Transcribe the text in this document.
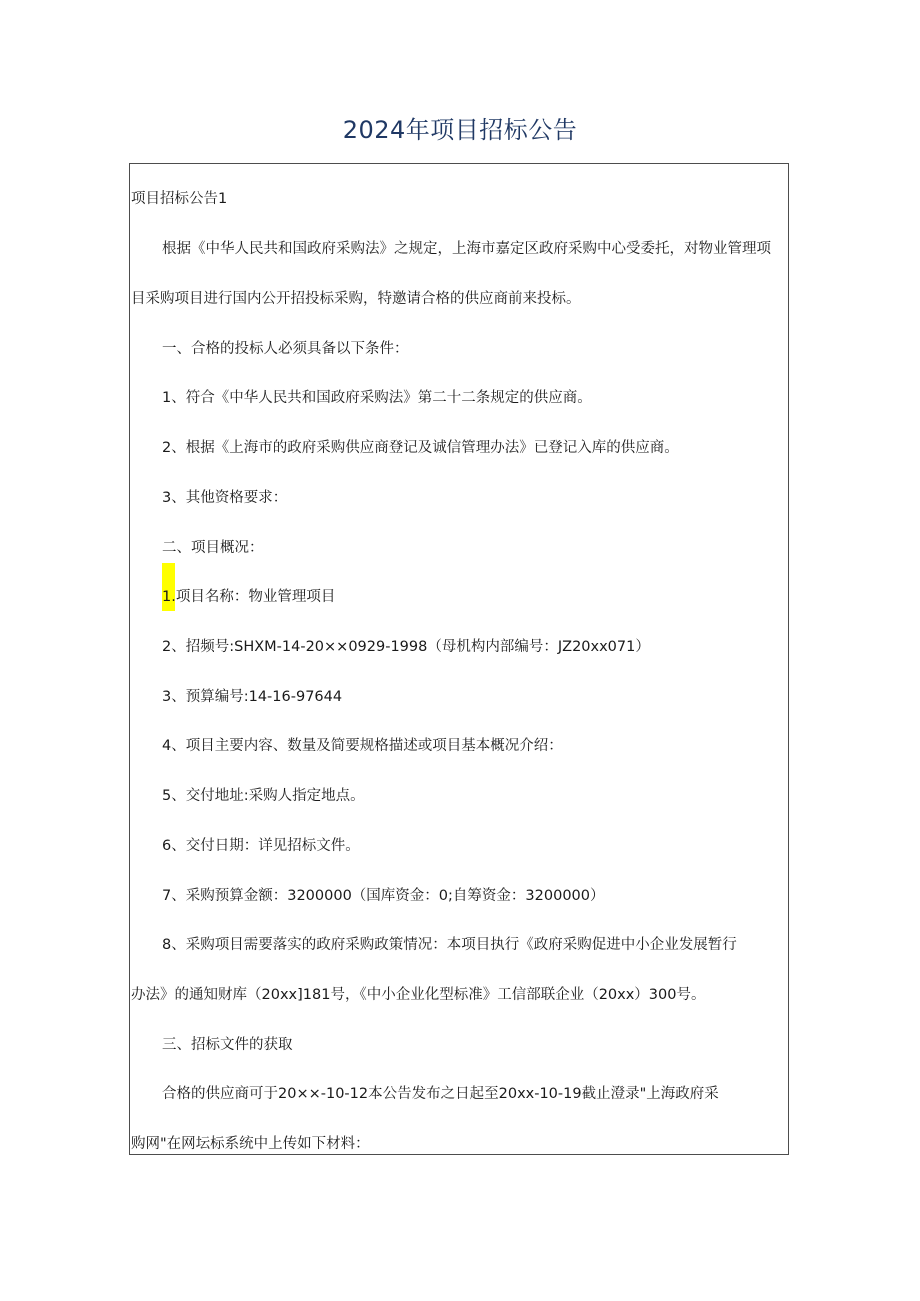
2024年项目招标公告
项目招标公告1
根据《中华人民共和国政府采购法》之规定，上海市嘉定区政府采购中心受委托，对物业管理项
目采购项目进行国内公开招投标采购，特邀请合格的供应商前来投标。
一、合格的投标人必须具备以下条件：
1、符合《中华人民共和国政府采购法》第二十二条规定的供应商。
2、根据《上海市的政府采购供应商登记及诚信管理办法》已登记入库的供应商。
3、其他资格要求：
二、项目概况：
1.项目名称：物业管理项目
2、招频号:SHXM-14-20××0929-1998（母机构内部编号：JZ20xx071）
3、预算编号:14-16-97644
4、项目主要内容、数量及简要规格描述或项目基本概况介绍：
5、交付地址:采购人指定地点。
6、交付日期：详见招标文件。
7、采购预算金额：3200000（国库资金：0;自筹资金：3200000）
8、采购项目需要落实的政府采购政策情况：本项目执行《政府采购促进中小企业发展暂行
办法》的通知财库（20xx]181号，《中小企业化型标准》工信部联企业（20xx）300号。
三、招标文件的获取
合格的供应商可于20××-10-12本公告发布之日起至20xx-10-19截止澄录"上海政府采
购网"在网坛标系统中上传如下材料：
